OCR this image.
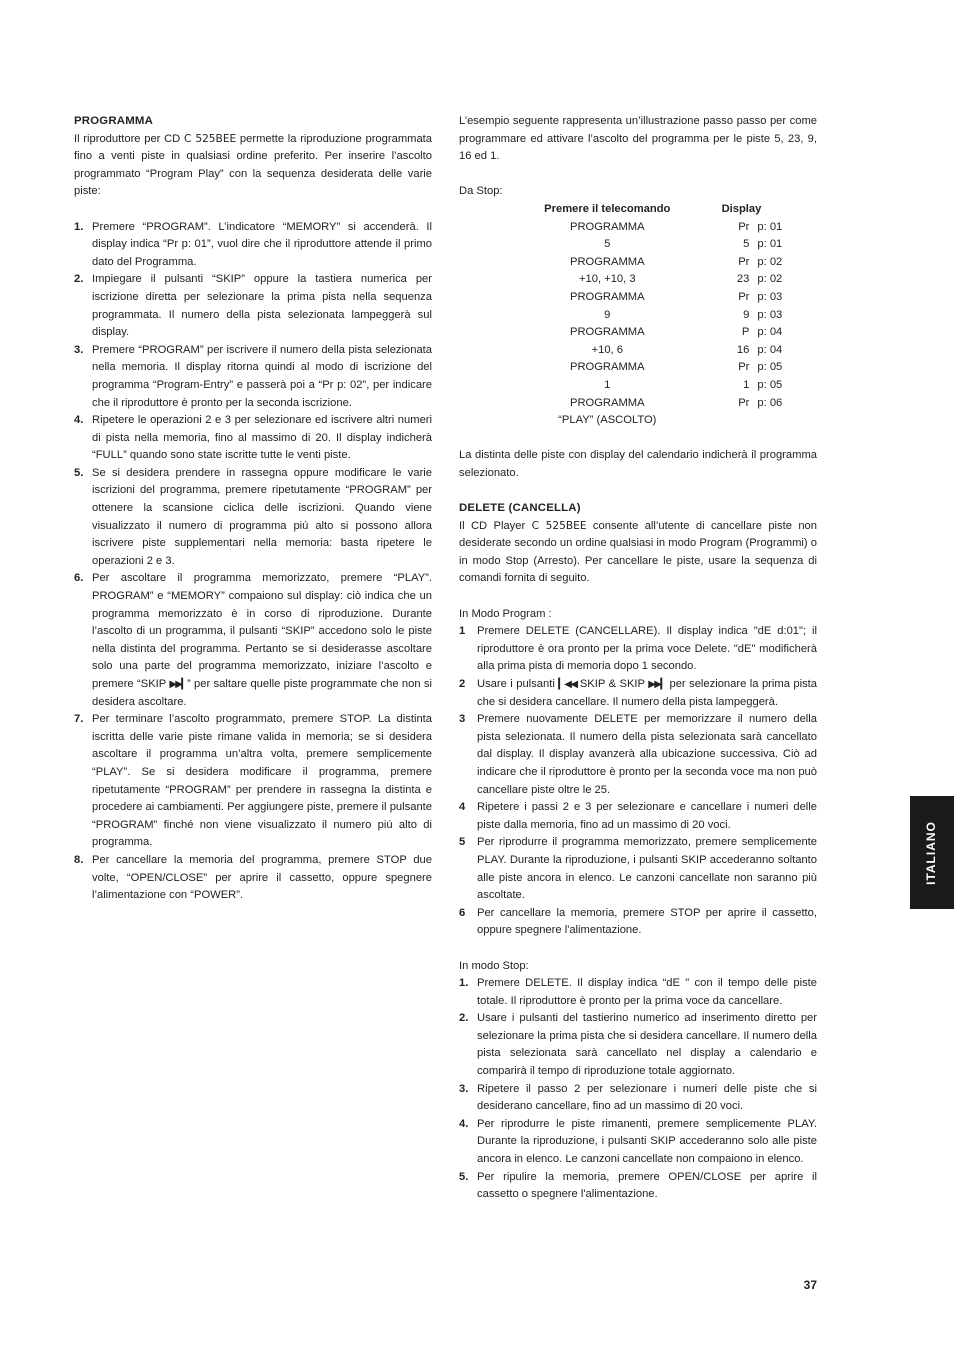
PROGRAMMA

Il riproduttore per CD C 525BEE permette la riproduzione programmata fino a venti piste in qualsiasi ordine preferito. Per inserire l’ascolto programmato “Program Play” con la sequenza desiderata delle varie piste:

1. Premere “PROGRAM”. L’indicatore “MEMORY” si accenderà. Il display indica “Pr p: 01”, vuol dire che il riproduttore attende il primo dato del Programma.
2. Impiegare il pulsanti “SKIP” oppure la tastiera numerica per iscrizione diretta per selezionare la prima pista nella sequenza programmata. Il numero della pista selezionata lampeggerà sul display.
3. Premere “PROGRAM” per iscrivere il numero della pista selezionata nella memoria. Il display ritorna quindi al modo di iscrizione del programma “Program-Entry” e passerà poi a “Pr p: 02”, per indicare che il riproduttore è pronto per la seconda iscrizione.
4. Ripetere le operazioni 2 e 3 per selezionare ed iscrivere altri numeri di pista nella memoria, fino al massimo di 20. Il display indicherà “FULL” quando sono state iscritte tutte le venti piste.
5. Se si desidera prendere in rassegna oppure modificare le varie iscrizioni del programma, premere ripetutamente “PROGRAM” per ottenere la scansione ciclica delle iscrizioni. Quando viene visualizzato il numero di programma piú alto si possono allora iscrivere piste supplementari nella memoria: basta ripetere le operazioni 2 e 3.
6. Per ascoltare il programma memorizzato, premere “PLAY”. PROGRAM” e “MEMORY” compaiono sul display: ciò indica che un programma memorizzato è in corso di riproduzione. Durante l’ascolto di un programma, il pulsanti “SKIP” accedono solo le piste nella distinta del programma. Pertanto se si desiderasse ascoltare solo una parte del programma memorizzato, iniziare l’ascolto e premere “SKIP ▶▶▎” per saltare quelle piste programmate che non si desidera ascoltare.
7. Per terminare l’ascolto programmato, premere STOP. La distinta iscritta delle varie piste rimane valida in memoria; se si desidera ascoltare il programma un’altra volta, premere semplicemente “PLAY”. Se si desidera modificare il programma, premere ripetutamente “PROGRAM” per prendere in rassegna la distinta e procedere ai cambiamenti. Per aggiungere piste, premere il pulsante “PROGRAM” finché non viene visualizzato il numero piú alto di programma.
8. Per cancellare la memoria del programma, premere STOP due volte, “OPEN/CLOSE” per aprire il cassetto, oppure spegnere l’alimentazione con “POWER”.

L’esempio seguente rappresenta un’illustrazione passo passo per come programmare ed attivare l’ascolto del programma per le piste 5, 23, 9, 16 ed 1.

Da Stop:

Premere il telecomando	Display	
PROGRAMMA	Pr	p: 01
5	5	p: 01
PROGRAMMA	Pr	p: 02
+10, +10, 3	23	p: 02
PROGRAMMA	Pr	p: 03
9	9	p: 03
PROGRAMMA	P	p: 04
+10, 6	16	p: 04
PROGRAMMA	Pr	p: 05
1	1	p: 05
PROGRAMMA	Pr	p: 06
“PLAY” (ASCOLTO)		

La distinta delle piste con display del calendario indicherà il programma selezionato.

DELETE (CANCELLA)

Il CD Player C 525BEE consente all’utente di cancellare piste non desiderate secondo un ordine qualsiasi in modo Program (Programmi) o in modo Stop (Arresto). Per cancellare le piste, usare la sequenza di comandi fornita di seguito.

In Modo Program :

1	Premere DELETE (CANCELLARE). Il display indica "dE d:01"; il riproduttore è ora pronto per la prima voce Delete. "dE" modificherà alla prima pista di memoria dopo 1 secondo.
2	Usare i pulsanti ▎◀◀ SKIP & SKIP ▶▶▎ per selezionare la prima pista che si desidera cancellare. Il numero della pista lampeggerà.
3	Premere nuovamente DELETE per memorizzare il numero della pista selezionata. Il numero della pista selezionata sarà cancellato dal display. Il display avanzerà alla ubicazione successiva. Ciò ad indicare che il riproduttore è pronto per la seconda voce ma non può cancellare piste oltre le 25.
4	Ripetere i passi 2 e 3 per selezionare e cancellare i numeri delle piste dalla memoria, fino ad un massimo di 20 voci.
5	Per riprodurre il programma memorizzato, premere semplicemente PLAY. Durante la riproduzione, i pulsanti SKIP accederanno soltanto alle piste ancora in elenco. Le canzoni cancellate non saranno più ascoltate.
6	Per cancellare la memoria, premere STOP per aprire il cassetto, oppure spegnere l'alimentazione.

In modo Stop:

1. Premere DELETE. Il display indica “dE " con il tempo delle piste totale. Il riproduttore è pronto per la prima voce da cancellare.
2. Usare i pulsanti del tastierino numerico ad inserimento diretto per selezionare la prima pista che si desidera cancellare. Il numero della pista selezionata sarà cancellato nel display a calendario e comparirà il tempo di riproduzione totale aggiornato.
3. Ripetere il passo 2 per selezionare i numeri delle piste che si desiderano cancellare, fino ad un massimo di 20 voci.
4. Per riprodurre le piste rimanenti, premere semplicemente PLAY. Durante la riproduzione, i pulsanti SKIP accederanno solo alle piste ancora in elenco. Le canzoni cancellate non compaiono in elenco.
5. Per ripulire la memoria, premere OPEN/CLOSE per aprire il cassetto o spegnere l'alimentazione.
ITALIANO
37
